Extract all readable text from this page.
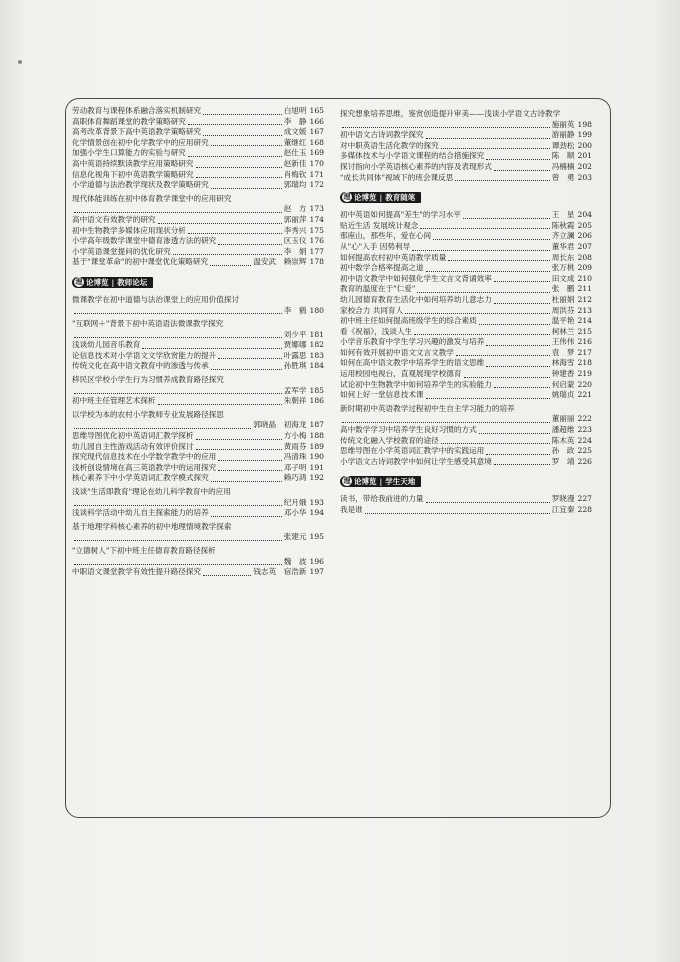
劳动教育与课程体系融合落实机制研究	白旭明 165
高职体育舞蹈课堂的教学策略研究	李　静 166
高考改革背景下高中英语教学策略研究	成文媛 167
化学情景创在初中化学教学中的应用研究	董继红 168
加强小学生口算能力的实验与研究	赵仕玉 169
高中英语持续默读教学应用策略研究	赵新佳 170
信息化视角下初中英语教学策略研究	肖梅钦 171
小学道德与法治教学现状及教学策略研究	郭瑞均 172
现代体能训练在初中体育教学课堂中的应用研究
赵　方 173
高中语文有效教学的研究	郭丽萍 174
初中生物教学多媒体应用现状分析	李秀兴 175
小学高年级数学课堂中德育渗透方法的研究	区玉仪 176
小学英语课堂提问的优化研究	李　娟 177
基于"课堂革命"的初中课堂优化策略研究	温安武　赖崇辉 178
理 论博览 | 教师论坛
微课教学在初中道德与法治课堂上的应用价值探讨
李　鹤 180
"互联网＋"背景下初中英语语法微课教学探究
刘少平 181
浅谈幼儿园音乐教育	贾娜娜 182
论信息技术对小学语文文学欣赏能力的提升	叶露思 183
传统文化在高中语文教育中的渗透与传承	孙胜琪 184
移民区学校小学生行为习惯养成教育路径探究
孟军学 185
初中班主任管理艺术探析	朱朝祥 186
以学校为本的农村小学教师专业发展路径探思
郭晓晶　初海龙 187
思维导图优化初中英语词汇教学探析	方小梅 188
幼儿园自主性游戏活动有效评价探讨	黄雨芬 189
探究现代信息技术在小学数学教学中的应用	冯清珠 190
浅析创设情境在高三英语教学中的运用探究	邓子明 191
核心素养下中小学英语词汇教学模式探究	赖巧鸿 192
浅谈"生活即教育"理论在幼儿科学教育中的应用
纪月娥 193
浅谈科学活动中幼儿自主探索能力的培养	邓小华 194
基于地理学科核心素养的初中地理情境教学探索
张建元 195
"立德树人"下初中班主任德育教育路径探析
魏　波 196
中职语文课堂教学有效性提升路径探究	钱志英　宿浩新 197
探究想象培养思维，鉴赏创造提升审美——浅谈小学语文古诗教学
施丽英 198
初中语文古诗词教学探究	游丽静 199
对中职英语生活化教学的探究	谭劲松 200
多媒体技术与小学语文课程的结合措施探究	陈　顺 201
探讨指向小学英语核心素养的内容及表现形式	冯楠楠 202
"成长共同体"视域下的班会课反思	曾　勇 203
理 论博览 | 教育随笔
初中英语如何提高"差生"的学习水平	王　星 204
贴近生活 发展统计观念	陈秋霞 205
那座山，那些年，爱在心间	齐立澜 206
从"心"入手 因势利导	董华君 207
如何提高农村初中英语教学质量	周长东 208
初中数学合格率提高之道	张万桃 209
初中语文教学中如何强化学生文言文背诵效率	田文成 210
教育的温度在于"仁爱"	张　鹏 211
幼儿园德育教育生活化中如何培养幼儿意志力	杜丽娟 212
家校合力 共同育人	周洪芬 213
初中班主任如何提高班级学生的综合素质	温平艳 214
看《祝福》，浅谈人生	柯林兰 215
小学音乐教育中学生学习兴趣的激发与培养	王伟伟 216
如何有效开展初中语文文言文教学	袁　梦 217
如何在高中语文教学中培养学生的语文思维	林海雪 218
运用校园电视台，直观展现学校德育	钟建香 219
试论初中生物教学中如何培养学生的实验能力	何启蒙 220
如何上好一堂信息技术课	姚瑞贞 221
新时期初中英语教学过程初中生自主学习能力的培养
董丽丽 222
高中数学学习中培养学生良好习惯的方式	潘超维 223
传统文化融入学校教育的途径	陈木英 224
思维导图在小学英语词汇教学中的实践运用	孙　政 225
小学语文古诗词教学中如何让学生感受其意境	罗　靖 226
理 论博览 | 学生天地
读书，带给我前进的力量	罗晓漫 227
我是谁	江宜秦 228
